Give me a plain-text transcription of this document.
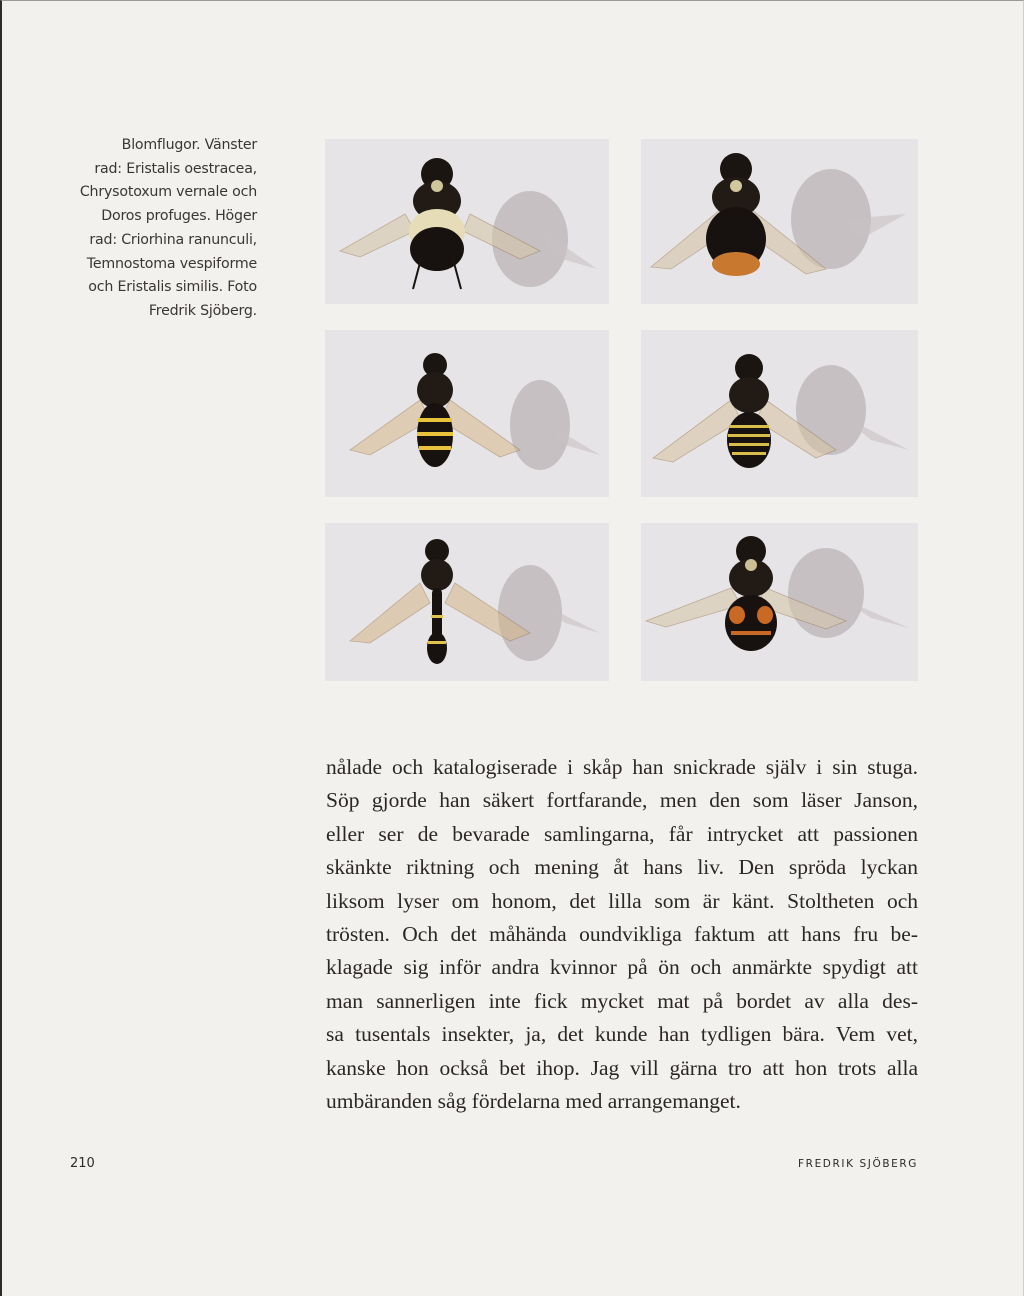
Blomflugor. Vänster
rad: Eristalis oestracea,
Chrysotoxum vernale och
Doros profuges. Höger
rad: Criorhina ranunculi,
Temnostoma vespiforme
och Eristalis similis. Foto
Fredrik Sjöberg.
nålade och katalogiserade i skåp han snickrade själv i sin stuga.
Söp gjorde han säkert fortfarande, men den som läser Janson,
eller ser de bevarade samlingarna, får intrycket att passionen
skänkte riktning och mening åt hans liv. Den spröda lyckan
liksom lyser om honom, det lilla som är känt. Stoltheten och
trösten. Och det måhända oundvikliga faktum att hans fru be-
klagade sig inför andra kvinnor på ön och anmärkte spydigt att
man sannerligen inte fick mycket mat på bordet av alla des-
sa tusentals insekter, ja, det kunde han tydligen bära. Vem vet,
kanske hon också bet ihop. Jag vill gärna tro att hon trots alla
umbäranden såg fördelarna med arrangemanget.
210	FREDRIK SJÖBERG
